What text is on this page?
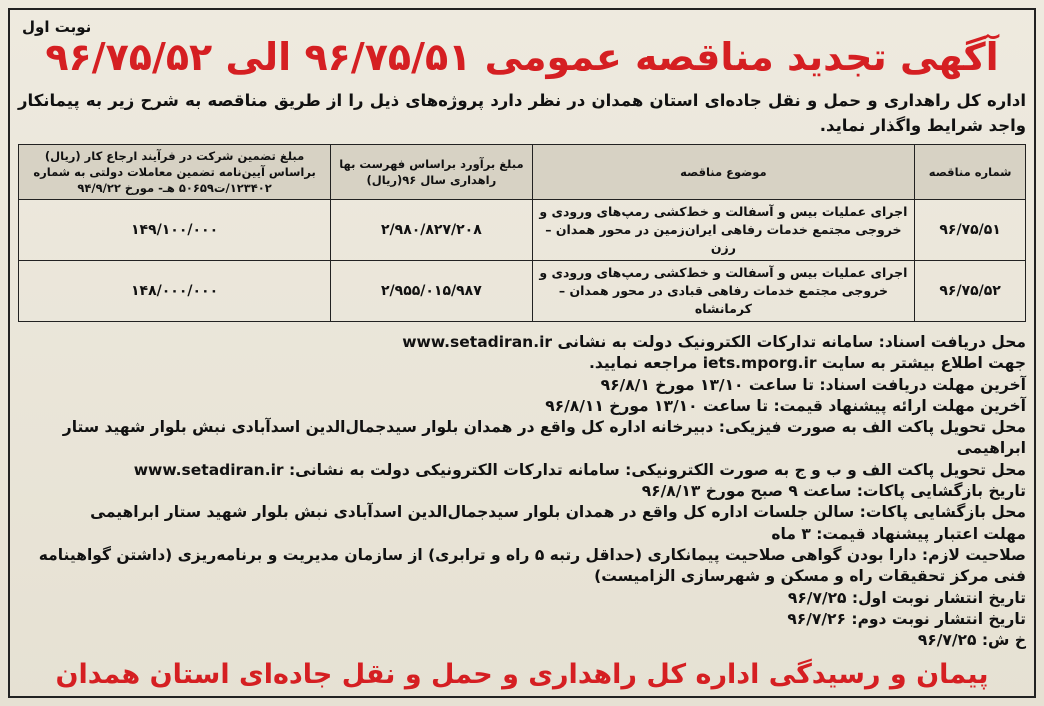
نوبت اول
آگهی تجدید مناقصه عمومی ۹۶/۷۵/۵۱ الی ۹۶/۷۵/۵۲
اداره کل راهداری و حمل و نقل جاده‌ای استان همدان در نظر دارد پروژه‌های ذیل را از طریق مناقصه به شرح زیر به پیمانکار واجد شرایط واگذار نماید.
شماره مناقصه	موضوع مناقصه	مبلغ برآورد براساس فهرست بها راهداری سال ۹۶(ریال)	مبلغ تضمین شرکت در فرآیند ارجاع کار (ریال) براساس آیین‌نامه تضمین معاملات دولتی به شماره ۱۲۳۴۰۲/ت۵۰۶۵۹ هـ- مورخ ۹۴/۹/۲۲
۹۶/۷۵/۵۱	اجرای عملیات بیس و آسفالت و خط‌کشی رمپ‌های ورودی و خروجی مجتمع خدمات رفاهی ایران‌زمین در محور همدان – رزن	۲/۹۸۰/۸۲۷/۲۰۸	۱۴۹/۱۰۰/۰۰۰
۹۶/۷۵/۵۲	اجرای عملیات بیس و آسفالت و خط‌کشی رمپ‌های ورودی و خروجی مجتمع خدمات رفاهی قبادی در محور همدان – کرمانشاه	۲/۹۵۵/۰۱۵/۹۸۷	۱۴۸/۰۰۰/۰۰۰

محل دریافت اسناد: سامانه تدارکات الکترونیک دولت به نشانی www.setadiran.ir

جهت اطلاع بیشتر به سایت iets.mporg.ir مراجعه نمایید.

آخرین مهلت دریافت اسناد: تا ساعت ۱۳/۱۰ مورخ ۹۶/۸/۱

آخرین مهلت ارائه پیشنهاد قیمت: تا ساعت ۱۳/۱۰ مورخ ۹۶/۸/۱۱

محل تحویل پاکت الف به صورت فیزیکی: دبیرخانه اداره کل واقع در همدان بلوار سیدجمال‌الدین اسدآبادی نبش بلوار شهید ستار ابراهیمی

محل تحویل پاکت الف و ب و ج به صورت الکترونیکی: سامانه تدارکات الکترونیکی دولت به نشانی: www.setadiran.ir

تاریخ بازگشایی پاکات: ساعت ۹ صبح مورخ ۹۶/۸/۱۳

محل بازگشایی پاکات: سالن جلسات اداره کل واقع در همدان بلوار سیدجمال‌الدین اسدآبادی نبش بلوار شهید ستار ابراهیمی

مهلت اعتبار پیشنهاد قیمت: ۳ ماه

صلاحیت لازم: دارا بودن گواهی صلاحیت پیمانکاری (حداقل رتبه ۵ راه و ترابری) از سازمان مدیریت و برنامه‌ریزی (داشتن گواهینامه فنی مرکز تحقیقات راه و مسکن و شهرسازی الزامیست)

تاریخ انتشار نوبت اول: ۹۶/۷/۲۵

تاریخ انتشار نوبت دوم: ۹۶/۷/۲۶

خ ش: ۹۶/۷/۲۵

پیمان و رسیدگی اداره کل راهداری و حمل و نقل جاده‌ای استان همدان
